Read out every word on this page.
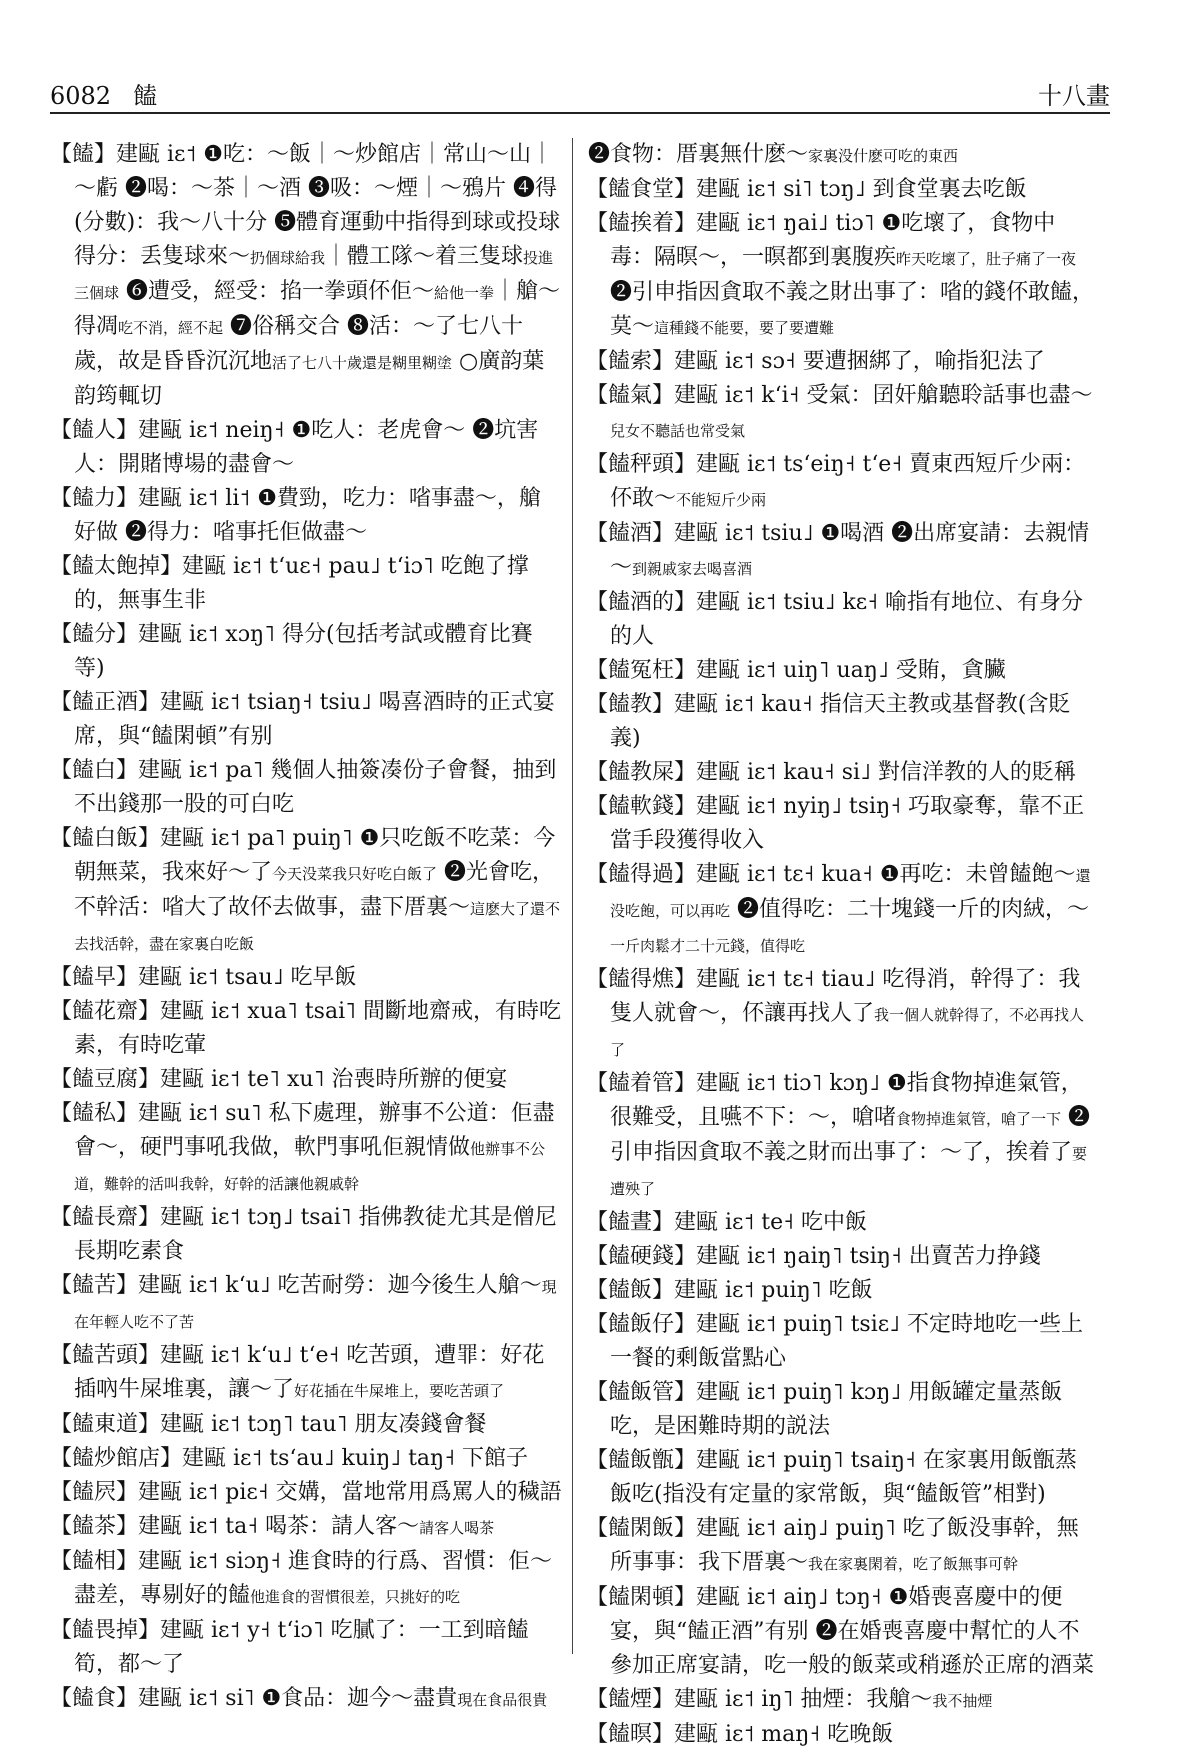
6082 饁	十八畫

【饁】建甌 iɛ˦ ❶吃：～飯｜～炒館店｜常山～山｜～虧 ❷喝：～茶｜～酒 ❸吸：～煙｜～鴉片 ❹得(分數)：我～八十分 ❺體育運動中指得到球或投球得分：丢隻球來～扔個球給我｜體工隊～着三隻球投進三個球 ❻遭受，經受：掐一拳頭伓佢～給他一拳｜艙～得凋吃不消，經不起 ❼俗稱交合 ❽活：～了七八十歲，故是昏昏沉沉地活了七八十歲還是糊里糊塗 ○廣韵葉韵筠輒切

【饁人】建甌 iɛ˦ neiŋ˧ ❶吃人：老虎會～ ❷坑害人：開賭博場的盡會～

【饁力】建甌 iɛ˦ li˦ ❶費勁，吃力：㗂事盡～，艙好做 ❷得力：㗂事托佢做盡～

【饁太飽掉】建甌 iɛ˦ tʻuɛ˧ pau˩ tʻiɔ˥ 吃飽了撑的，無事生非

【饁分】建甌 iɛ˦ xɔŋ˥ 得分(包括考試或體育比賽等)

【饁正酒】建甌 iɛ˦ tsiaŋ˧ tsiu˩ 喝喜酒時的正式宴席，與“饁閑頓”有别

【饁白】建甌 iɛ˦ pa˥ 幾個人抽簽凑份子會餐，抽到不出錢那一股的可白吃

【饁白飯】建甌 iɛ˦ pa˥ puiŋ˥ ❶只吃飯不吃菜：今朝無菜，我來好～了今天没菜我只好吃白飯了 ❷光會吃，不幹活：㗂大了故伓去做事，盡下厝裏～這麽大了還不去找活幹，盡在家裏白吃飯

【饁早】建甌 iɛ˦ tsau˩ 吃早飯

【饁花齋】建甌 iɛ˦ xua˥ tsai˥ 間斷地齋戒，有時吃素，有時吃葷

【饁豆腐】建甌 iɛ˦ te˥ xu˥ 治喪時所辦的便宴

【饁私】建甌 iɛ˦ su˥ 私下處理，辦事不公道：佢盡會～，硬門事吼我做，軟門事吼佢親情做他辦事不公道，難幹的活叫我幹，好幹的活讓他親戚幹

【饁長齋】建甌 iɛ˦ tɔŋ˩ tsai˥ 指佛教徒尤其是僧尼長期吃素食

【饁苦】建甌 iɛ˦ kʻu˩ 吃苦耐勞：迦今後生人艙～現在年輕人吃不了苦

【饁苦頭】建甌 iɛ˦ kʻu˩ tʻe˧ 吃苦頭，遭罪：好花插吶牛屎堆裏，讓～了好花插在牛屎堆上，要吃苦頭了

【饁東道】建甌 iɛ˦ tɔŋ˥ tau˥ 朋友凑錢會餐

【饁炒館店】建甌 iɛ˦ tsʻau˩ kuiŋ˩ taŋ˧ 下館子

【饁屄】建甌 iɛ˦ piɛ˧ 交媾，當地常用爲罵人的穢語

【饁茶】建甌 iɛ˦ ta˧ 喝茶：請人客～請客人喝茶

【饁相】建甌 iɛ˦ siɔŋ˧ 進食時的行爲、習慣：佢～盡差，專剔好的饁他進食的習慣很差，只挑好的吃

【饁畏掉】建甌 iɛ˦ y˧ tʻiɔ˥ 吃膩了：一工到暗饁筍，都～了

【饁食】建甌 iɛ˦ si˥ ❶食品：迦今～盡貴現在食品很貴

❷食物：厝裏無什麽～家裏没什麽可吃的東西

【饁食堂】建甌 iɛ˦ si˥ tɔŋ˩ 到食堂裏去吃飯

【饁挨着】建甌 iɛ˦ ŋai˩ tiɔ˥ ❶吃壞了，食物中毒：隔暝～，一暝都到裏腹疾昨天吃壞了，肚子痛了一夜 ❷引申指因貪取不義之財出事了：㗂的錢伓敢饁，莫～這種錢不能要，要了要遭難

【饁索】建甌 iɛ˦ sɔ˧ 要遭捆綁了，喻指犯法了

【饁氣】建甌 iɛ˦ kʻi˧ 受氣：囝奸艙聽聆話事也盡～兒女不聽話也常受氣

【饁秤頭】建甌 iɛ˦ tsʻeiŋ˧ tʻe˧ 賣東西短斤少兩：伓敢～不能短斤少兩

【饁酒】建甌 iɛ˦ tsiu˩ ❶喝酒 ❷出席宴請：去親情～到親戚家去喝喜酒

【饁酒的】建甌 iɛ˦ tsiu˩ kɛ˧ 喻指有地位、有身分的人

【饁冤枉】建甌 iɛ˦ uiŋ˥ uaŋ˩ 受賄，貪臟

【饁教】建甌 iɛ˦ kau˧ 指信天主教或基督教(含貶義)

【饁教屎】建甌 iɛ˦ kau˧ si˩ 對信洋教的人的貶稱

【饁軟錢】建甌 iɛ˦ nyiŋ˩ tsiŋ˧ 巧取豪奪，靠不正當手段獲得收入

【饁得過】建甌 iɛ˦ tɛ˧ kua˧ ❶再吃：未曾饁飽～還没吃飽，可以再吃 ❷值得吃：二十塊錢一斤的肉絨，～一斤肉鬆才二十元錢，值得吃

【饁得燋】建甌 iɛ˦ tɛ˧ tiau˩ 吃得消，幹得了：我隻人就會～，伓讓再找人了我一個人就幹得了，不必再找人了

【饁着管】建甌 iɛ˦ tiɔ˥ kɔŋ˩ ❶指食物掉進氣管，很難受，且嚥不下：～，嗆啫食物掉進氣管，嗆了一下 ❷引申指因貪取不義之財而出事了：～了，挨着了要遭殃了

【饁晝】建甌 iɛ˦ te˧ 吃中飯

【饁硬錢】建甌 iɛ˦ ŋaiŋ˥ tsiŋ˧ 出賣苦力挣錢

【饁飯】建甌 iɛ˦ puiŋ˥ 吃飯

【饁飯仔】建甌 iɛ˦ puiŋ˥ tsiɛ˩ 不定時地吃一些上一餐的剩飯當點心

【饁飯管】建甌 iɛ˦ puiŋ˥ kɔŋ˩ 用飯罐定量蒸飯吃，是困難時期的説法

【饁飯甑】建甌 iɛ˦ puiŋ˥ tsaiŋ˧ 在家裏用飯甑蒸飯吃(指没有定量的家常飯，與“饁飯管”相對)

【饁閑飯】建甌 iɛ˦ aiŋ˩ puiŋ˥ 吃了飯没事幹，無所事事：我下厝裏～我在家裏閑着，吃了飯無事可幹

【饁閑頓】建甌 iɛ˦ aiŋ˩ tɔŋ˧ ❶婚喪喜慶中的便宴，與“饁正酒”有别 ❷在婚喪喜慶中幫忙的人不參加正席宴請，吃一般的飯菜或稍遜於正席的酒菜

【饁煙】建甌 iɛ˦ iŋ˥ 抽煙：我艙～我不抽煙

【饁暝】建甌 iɛ˦ maŋ˧ 吃晚飯
